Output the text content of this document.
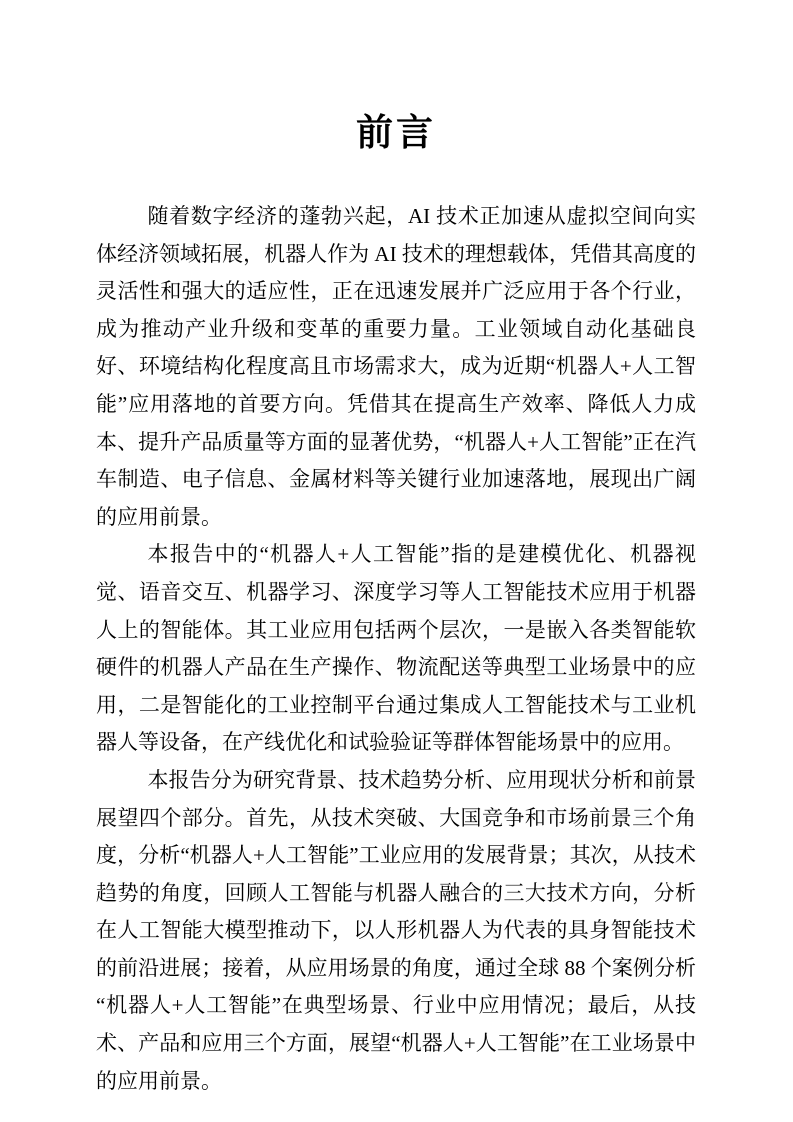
前言

随着数字经济的蓬勃兴起，AI 技术正加速从虚拟空间向实体经济领域拓展，机器人作为 AI 技术的理想载体，凭借其高度的灵活性和强大的适应性，正在迅速发展并广泛应用于各个行业，成为推动产业升级和变革的重要力量。工业领域自动化基础良好、环境结构化程度高且市场需求大，成为近期“机器人+人工智能”应用落地的首要方向。凭借其在提高生产效率、降低人力成本、提升产品质量等方面的显著优势，“机器人+人工智能”正在汽车制造、电子信息、金属材料等关键行业加速落地，展现出广阔的应用前景。

本报告中的“机器人+人工智能”指的是建模优化、机器视觉、语音交互、机器学习、深度学习等人工智能技术应用于机器人上的智能体。其工业应用包括两个层次，一是嵌入各类智能软硬件的机器人产品在生产操作、物流配送等典型工业场景中的应用，二是智能化的工业控制平台通过集成人工智能技术与工业机器人等设备，在产线优化和试验验证等群体智能场景中的应用。

本报告分为研究背景、技术趋势分析、应用现状分析和前景展望四个部分。首先，从技术突破、大国竞争和市场前景三个角度，分析“机器人+人工智能”工业应用的发展背景；其次，从技术趋势的角度，回顾人工智能与机器人融合的三大技术方向，分析在人工智能大模型推动下，以人形机器人为代表的具身智能技术的前沿进展；接着，从应用场景的角度，通过全球 88 个案例分析“机器人+人工智能”在典型场景、行业中应用情况；最后，从技术、产品和应用三个方面，展望“机器人+人工智能”在工业场景中的应用前景。
